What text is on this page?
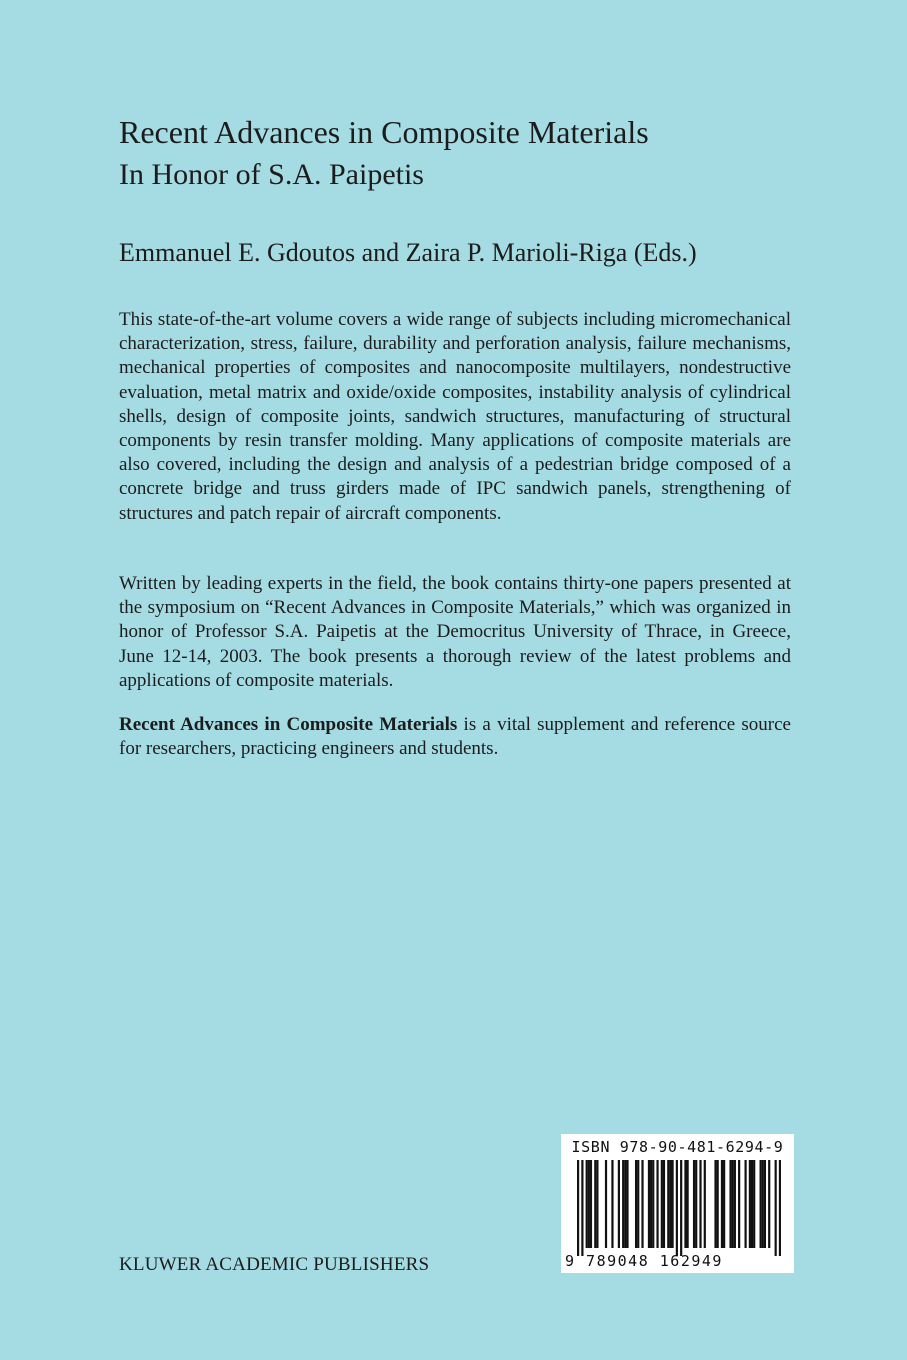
Recent Advances in Composite Materials
In Honor of S.A. Paipetis

Emmanuel E. Gdoutos and Zaira P. Marioli-Riga (Eds.)

This state-of-the-art volume covers a wide range of subjects including micromechanical characterization, stress, failure, durability and perforation analysis, failure mechanisms, mechanical properties of composites and nanocomposite multilayers, nondestructive evaluation, metal matrix and oxide/oxide composites, instability analysis of cylindrical shells, design of composite joints, sandwich structures, manufacturing of structural components by resin transfer molding. Many applications of composite materials are also covered, including the design and analysis of a pedestrian bridge composed of a concrete bridge and truss girders made of IPC sandwich panels, strengthening of structures and patch repair of aircraft components.

Written by leading experts in the field, the book contains thirty-one papers presented at the symposium on “Recent Advances in Composite Materials,” which was organized in honor of Professor S.A. Paipetis at the Democritus University of Thrace, in Greece, June 12-14, 2003. The book presents a thorough review of the latest problems and applications of composite materials.

Recent Advances in Composite Materials is a vital supplement and reference source for researchers, practicing engineers and students.

ISBN 978-90-481-6294-9
9 789048 162949
KLUWER ACADEMIC PUBLISHERS
